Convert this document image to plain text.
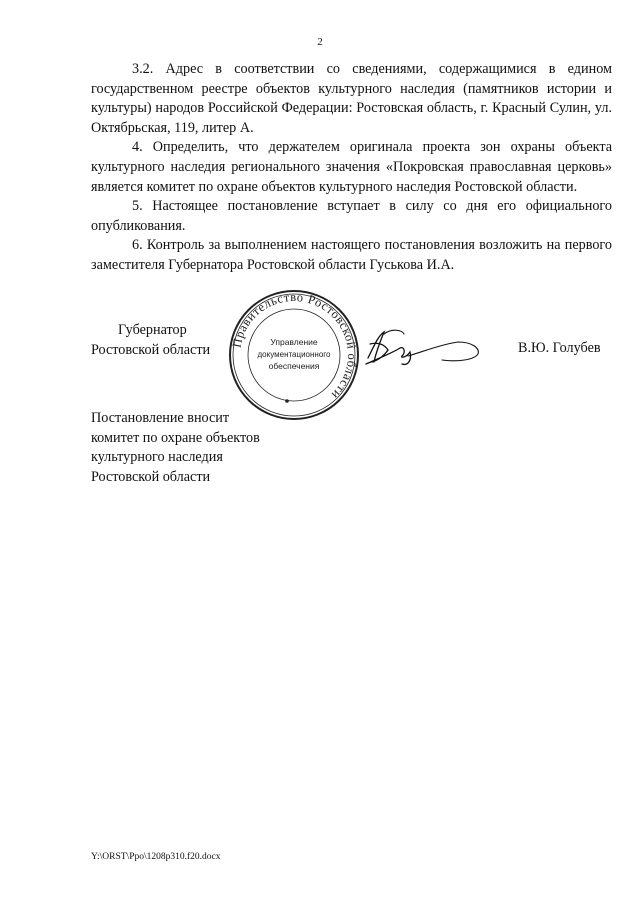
2

3.2. Адрес в соответствии со сведениями, содержащимися в едином государственном реестре объектов культурного наследия (памятников истории и культуры) народов Российской Федерации: Ростовская область, г. Красный Сулин, ул. Октябрьская, 119, литер А.

4. Определить, что держателем оригинала проекта зон охраны объекта культурного наследия регионального значения «Покровская православная церковь» является комитет по охране объектов культурного наследия Ростовской области.

5. Настоящее постановление вступает в силу со дня его официального опубликования.

6. Контроль за выполнением настоящего постановления возложить на первого заместителя Губернатора Ростовской области Гуськова И.А.

Губернатор
Ростовской области Правительство Ростовской области
Управление
документационного
обеспечения
В.Ю. Голубев
Постановление вносит
комитет по охране объектов
культурного наследия
Ростовской области
Y:\ORST\Ppo\1208p310.f20.docx
